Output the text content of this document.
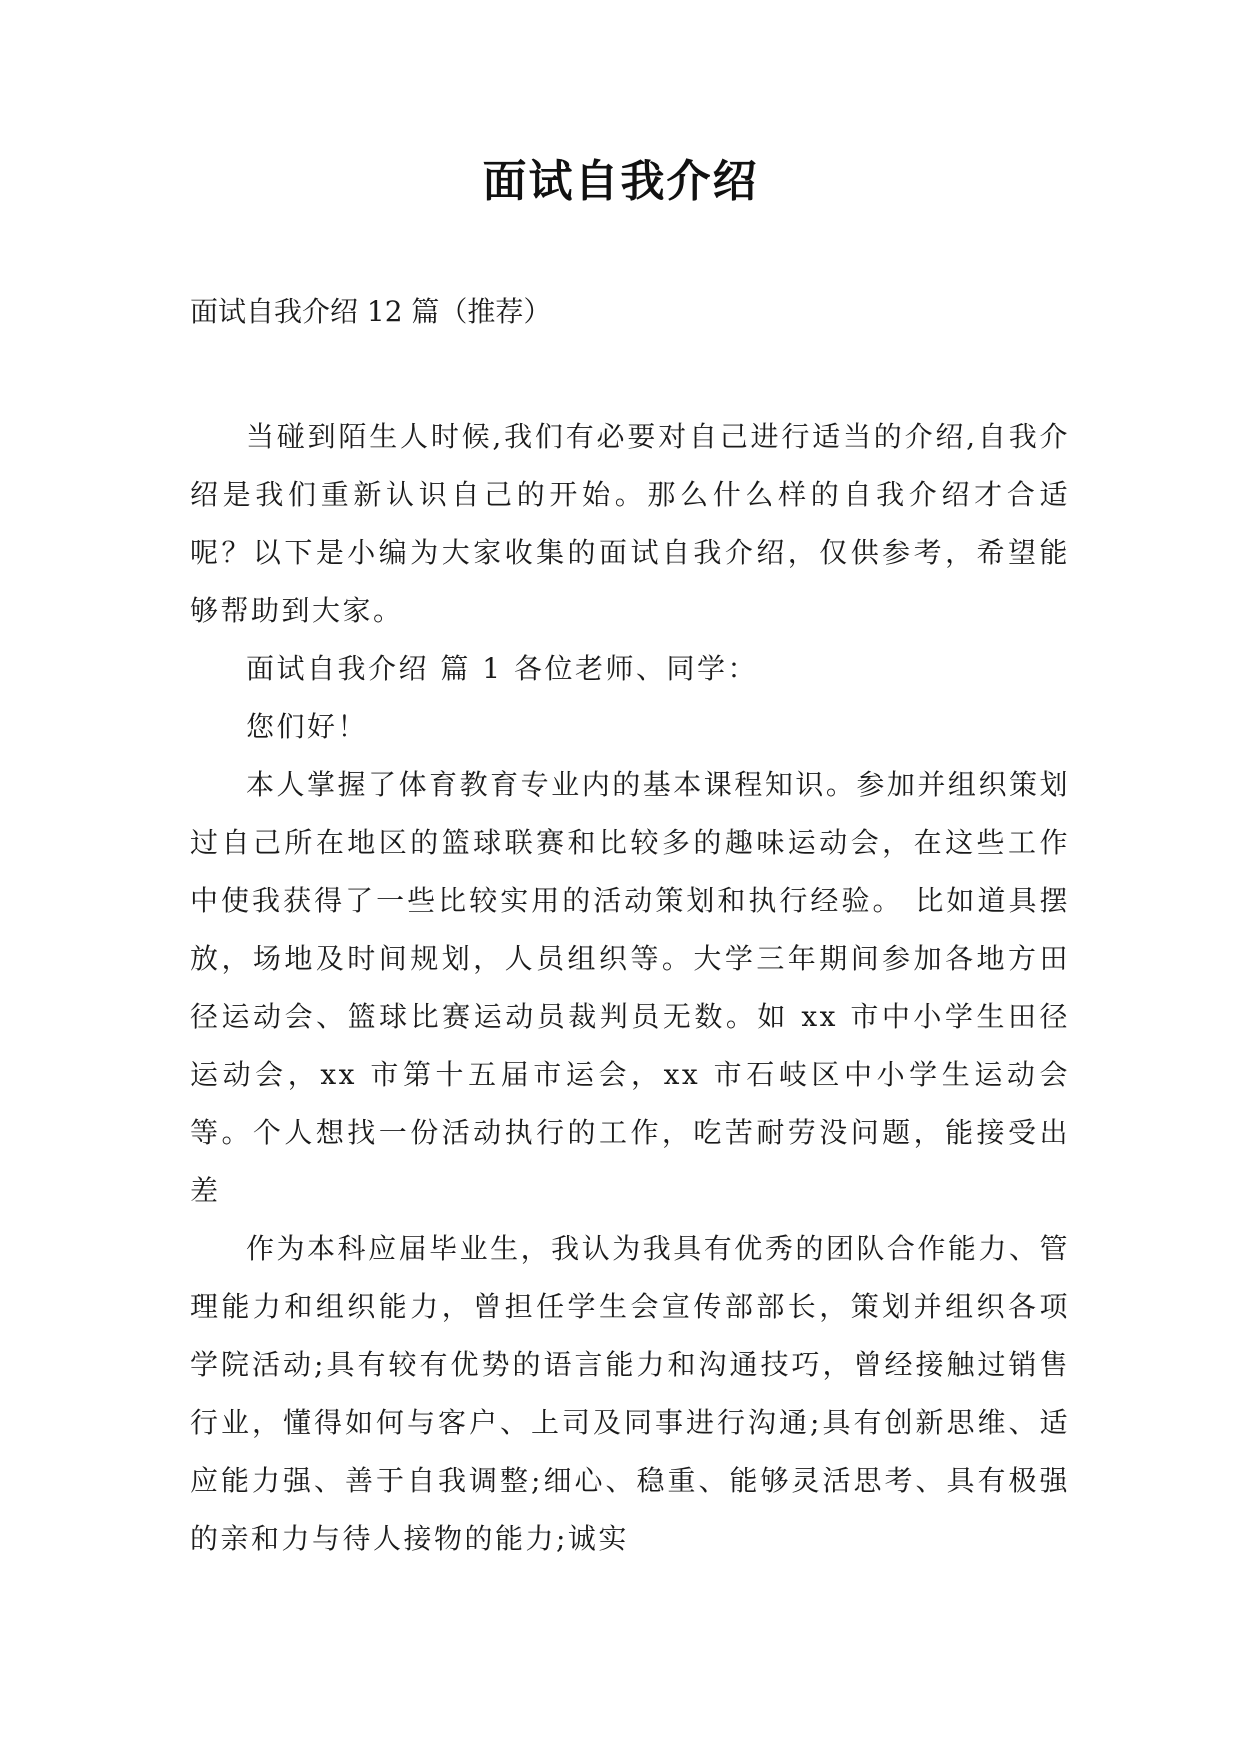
面试自我介绍
面试自我介绍 12 篇（推荐）

当碰到陌生人时候,我们有必要对自己进行适当的介绍,自我介绍是我们重新认识自己的开始。那么什么样的自我介绍才合适呢？以下是小编为大家收集的面试自我介绍，仅供参考，希望能够帮助到大家。

面试自我介绍 篇 1 各位老师、同学：

您们好！

本人掌握了体育教育专业内的基本课程知识。参加并组织策划过自己所在地区的篮球联赛和比较多的趣味运动会，在这些工作中使我获得了一些比较实用的活动策划和执行经验。 比如道具摆放，场地及时间规划，人员组织等。大学三年期间参加各地方田径运动会、篮球比赛运动员裁判员无数。如 xx 市中小学生田径运动会，xx 市第十五届市运会，xx 市石岐区中小学生运动会等。个人想找一份活动执行的工作，吃苦耐劳没问题，能接受出差

作为本科应届毕业生，我认为我具有优秀的团队合作能力、管理能力和组织能力，曾担任学生会宣传部部长，策划并组织各项学院活动;具有较有优势的语言能力和沟通技巧，曾经接触过销售行业，懂得如何与客户、上司及同事进行沟通;具有创新思维、适应能力强、善于自我调整;细心、稳重、能够灵活思考、具有极强的亲和力与待人接物的能力;诚实
